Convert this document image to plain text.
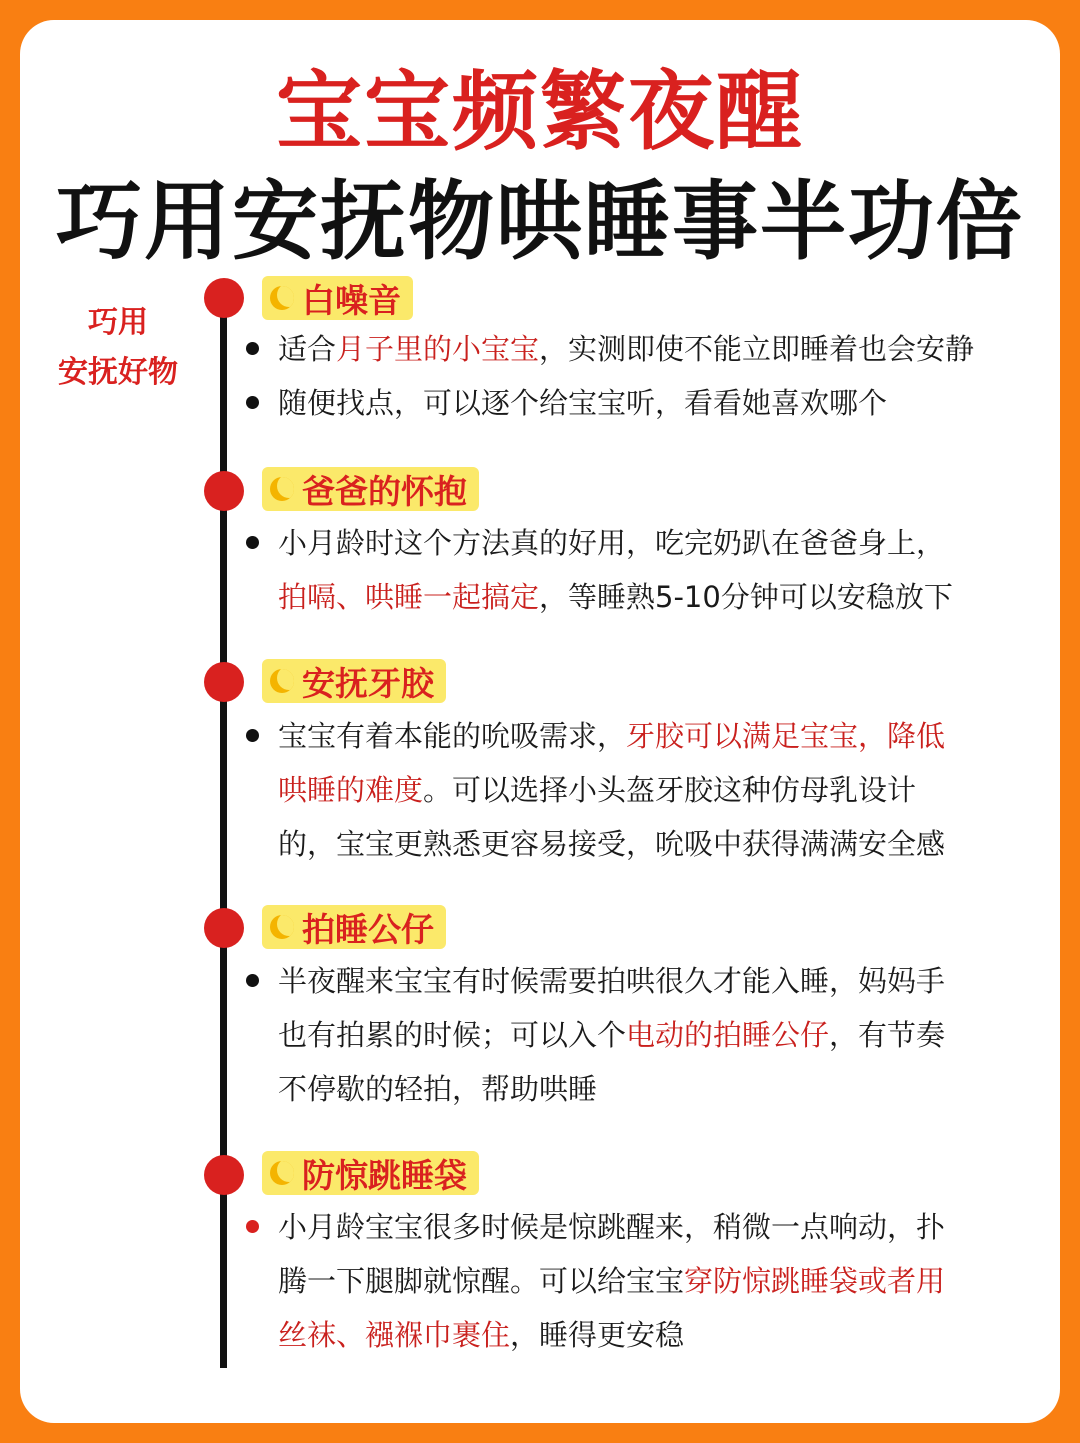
宝宝频繁夜醒
巧用安抚物哄睡事半功倍
巧用
安抚好物
白噪音
适合月子里的小宝宝，实测即使不能立即睡着也会安静
随便找点，可以逐个给宝宝听，看看她喜欢哪个
爸爸的怀抱
小月龄时这个方法真的好用，吃完奶趴在爸爸身上，
拍嗝、哄睡一起搞定，等睡熟5-10分钟可以安稳放下
安抚牙胶
宝宝有着本能的吮吸需求，牙胶可以满足宝宝，降低
哄睡的难度。可以选择小头盔牙胶这种仿母乳设计
的，宝宝更熟悉更容易接受，吮吸中获得满满安全感
拍睡公仔
半夜醒来宝宝有时候需要拍哄很久才能入睡，妈妈手
也有拍累的时候；可以入个电动的拍睡公仔，有节奏
不停歇的轻拍，帮助哄睡
防惊跳睡袋
小月龄宝宝很多时候是惊跳醒来，稍微一点响动，扑
腾一下腿脚就惊醒。可以给宝宝穿防惊跳睡袋或者用
丝袜、襁褓巾裹住，睡得更安稳
